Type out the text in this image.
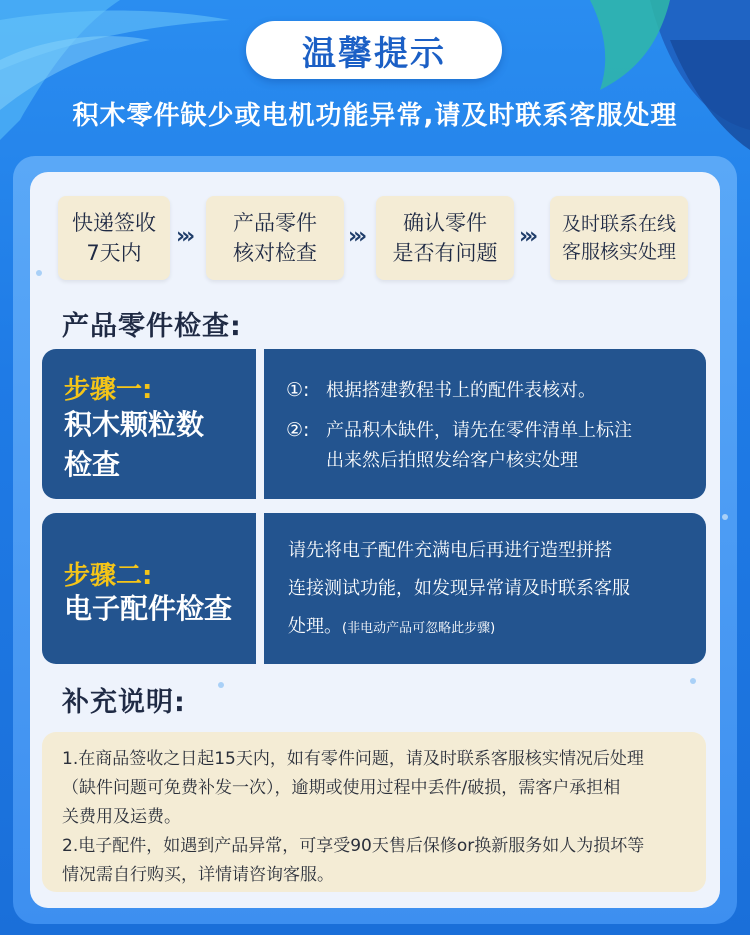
温馨提示
积木零件缺少或电机功能异常,请及时联系客服处理
快递签收
7天内
›››
产品零件
核对检查
›››
确认零件
是否有问题
›››	及时联系在线
客服核实处理
产品零件检查:
步骤一:
积木颗粒数
检查
①: 根据搭建教程书上的配件表核对。
②: 产品积木缺件，请先在零件清单上标注
出来然后拍照发给客户核实处理
步骤二:
电子配件检查
请先将电子配件充满电后再进行造型拼搭
连接测试功能，如发现异常请及时联系客服
处理。(非电动产品可忽略此步骤)
补充说明:
1.在商品签收之日起15天内，如有零件问题，请及时联系客服核实情况后处理
（缺件问题可免费补发一次），逾期或使用过程中丢件/破损，需客户承担相
关费用及运费。
2.电子配件，如遇到产品异常，可享受90天售后保修or换新服务如人为损坏等
情况需自行购买，详情请咨询客服。
